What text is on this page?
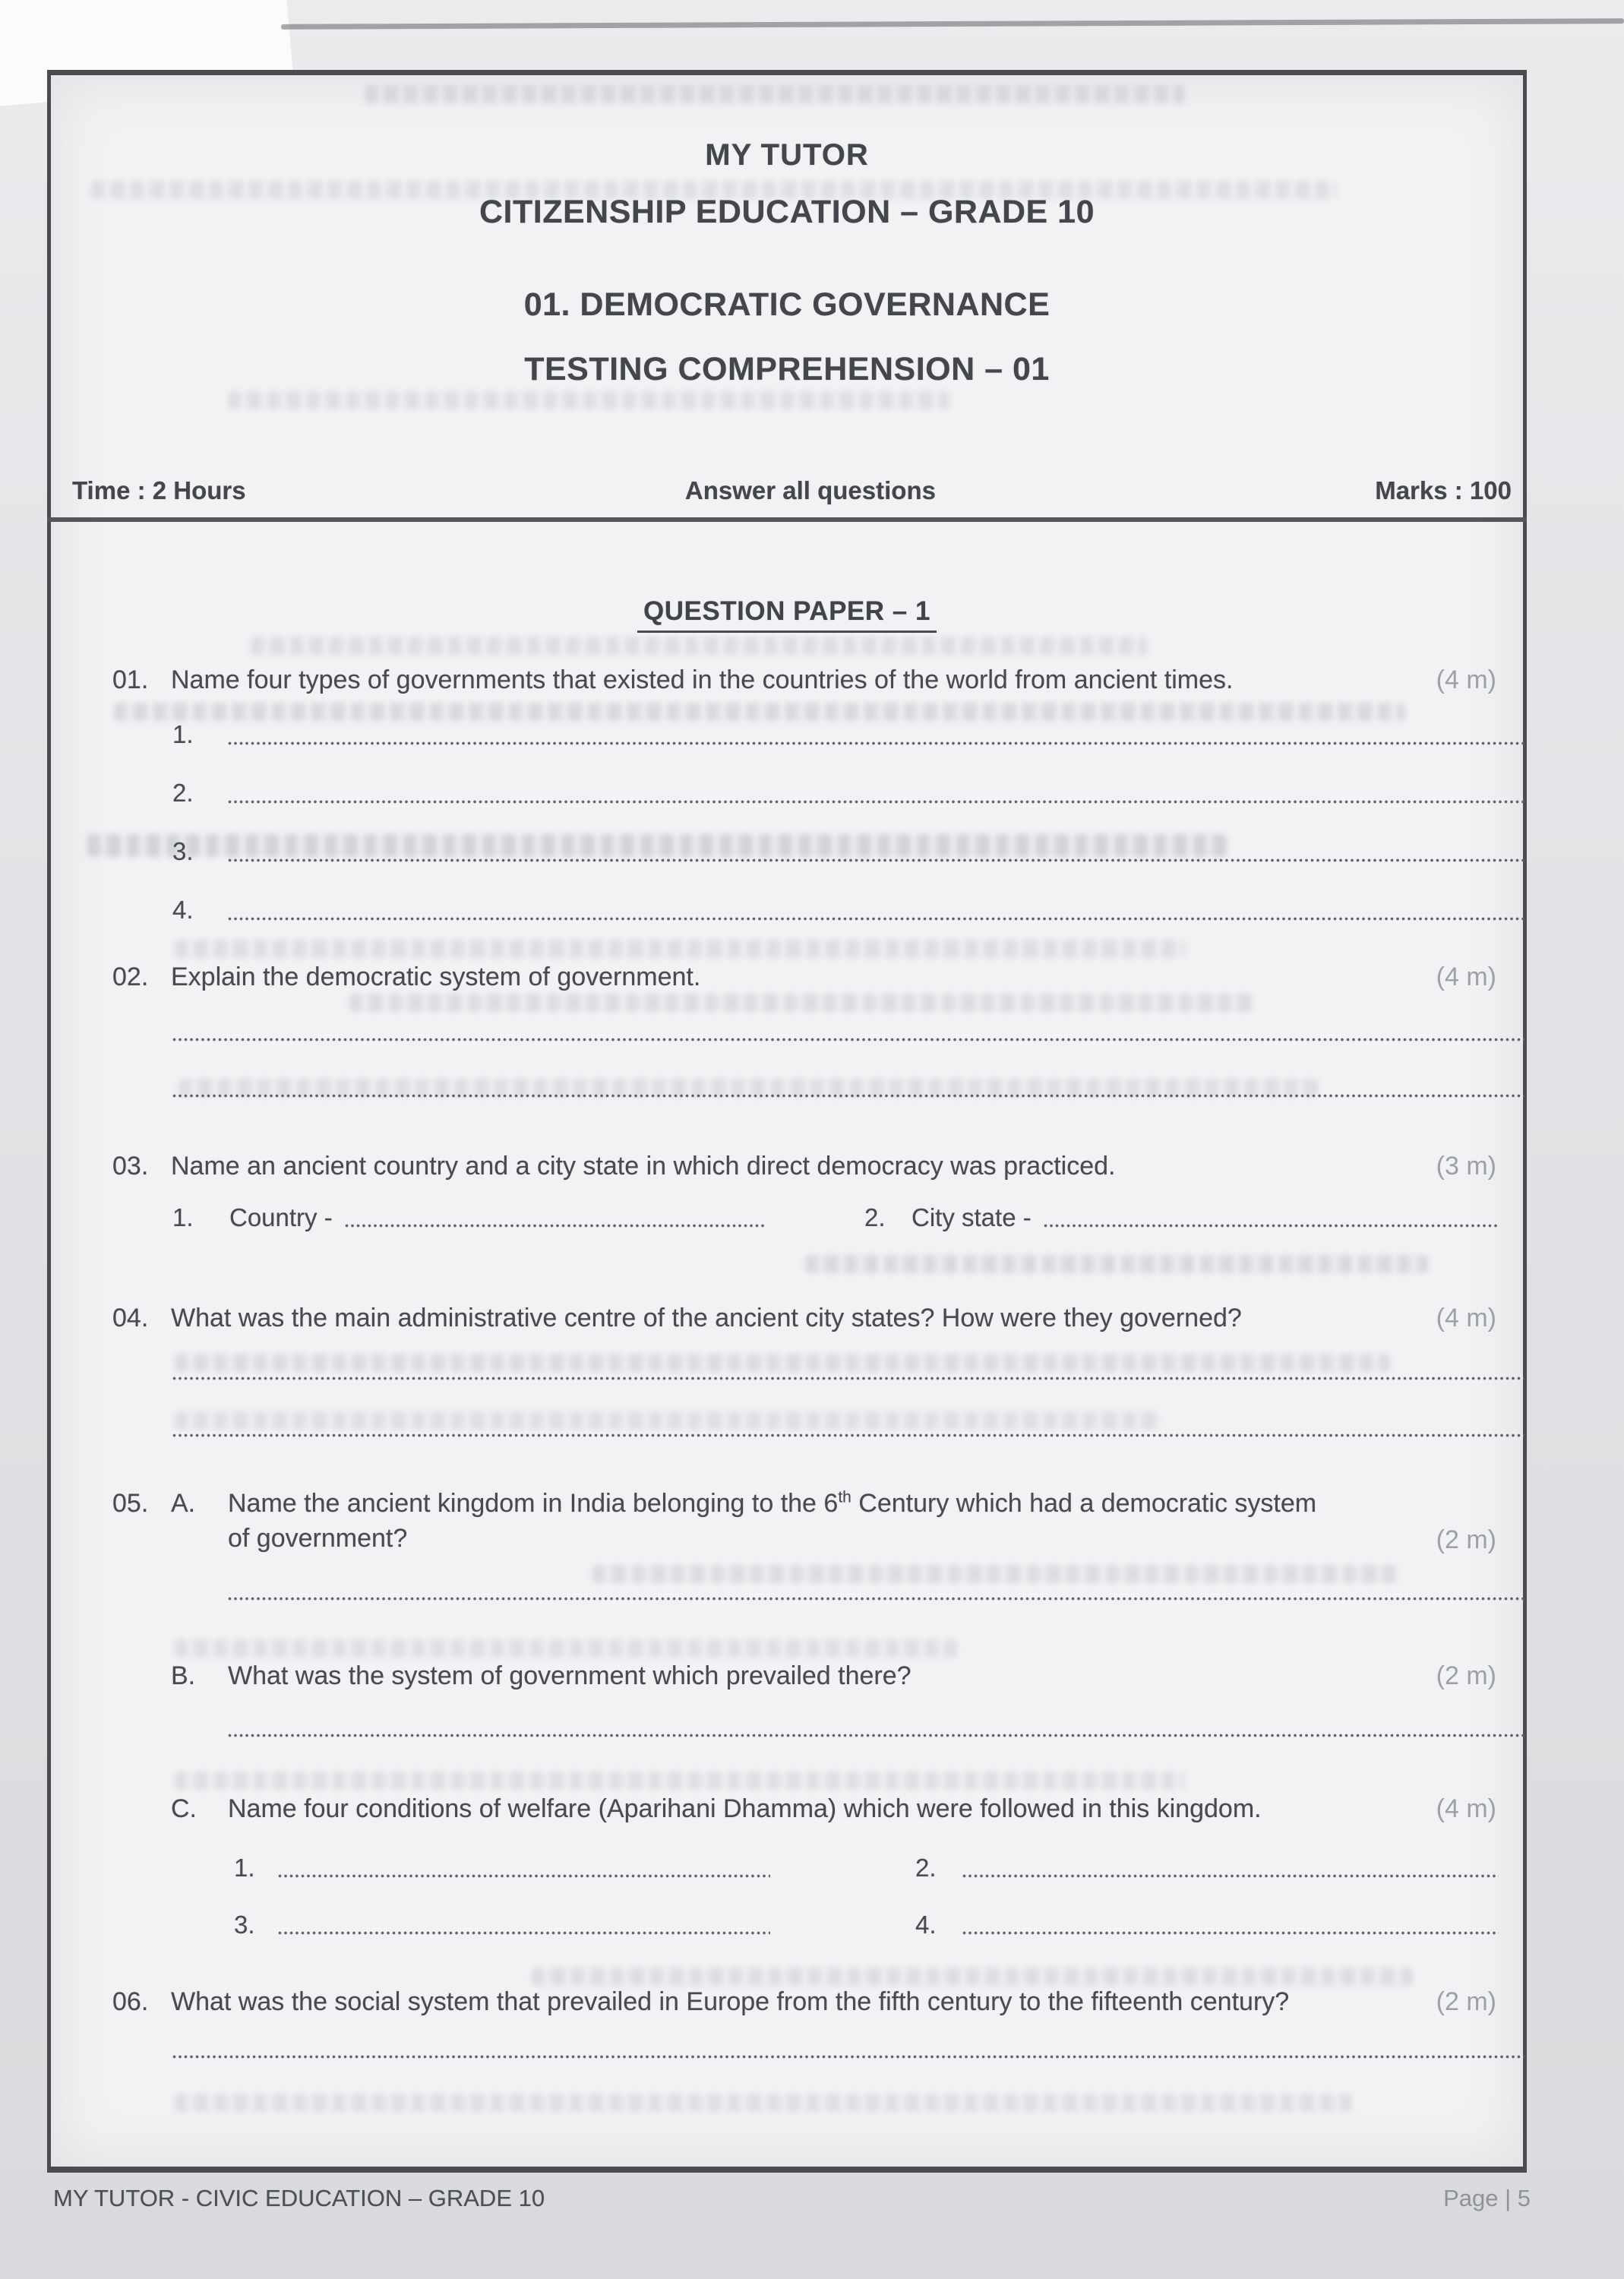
MY TUTOR
CITIZENSHIP EDUCATION – GRADE 10
01. DEMOCRATIC GOVERNANCE
TESTING COMPREHENSION – 01
Time : 2 Hours	Answer all questions	Marks : 100
QUESTION PAPER – 1
01. Name four types of governments that existed in the countries of the world from ancient times.	(4 m)
1.
2.
3.
4.
02. Explain the democratic system of government.	(4 m)
03. Name an ancient country and a city state in which direct democracy was practiced.	(3 m)
1.	Country -	2.	City state -
04. What was the main administrative centre of the ancient city states? How were they governed?	(4 m)
05. A.	Name the ancient kingdom in India belonging to the 6th Century which had a democratic system
of government?	(2 m)
B.	What was the system of government which prevailed there?	(2 m)
C.	Name four conditions of welfare (Aparihani Dhamma) which were followed in this kingdom.	(4 m)
1.	2.
3.	4.
06. What was the social system that prevailed in Europe from the fifth century to the fifteenth century?	(2 m)
MY TUTOR - CIVIC EDUCATION – GRADE 10	Page | 5
